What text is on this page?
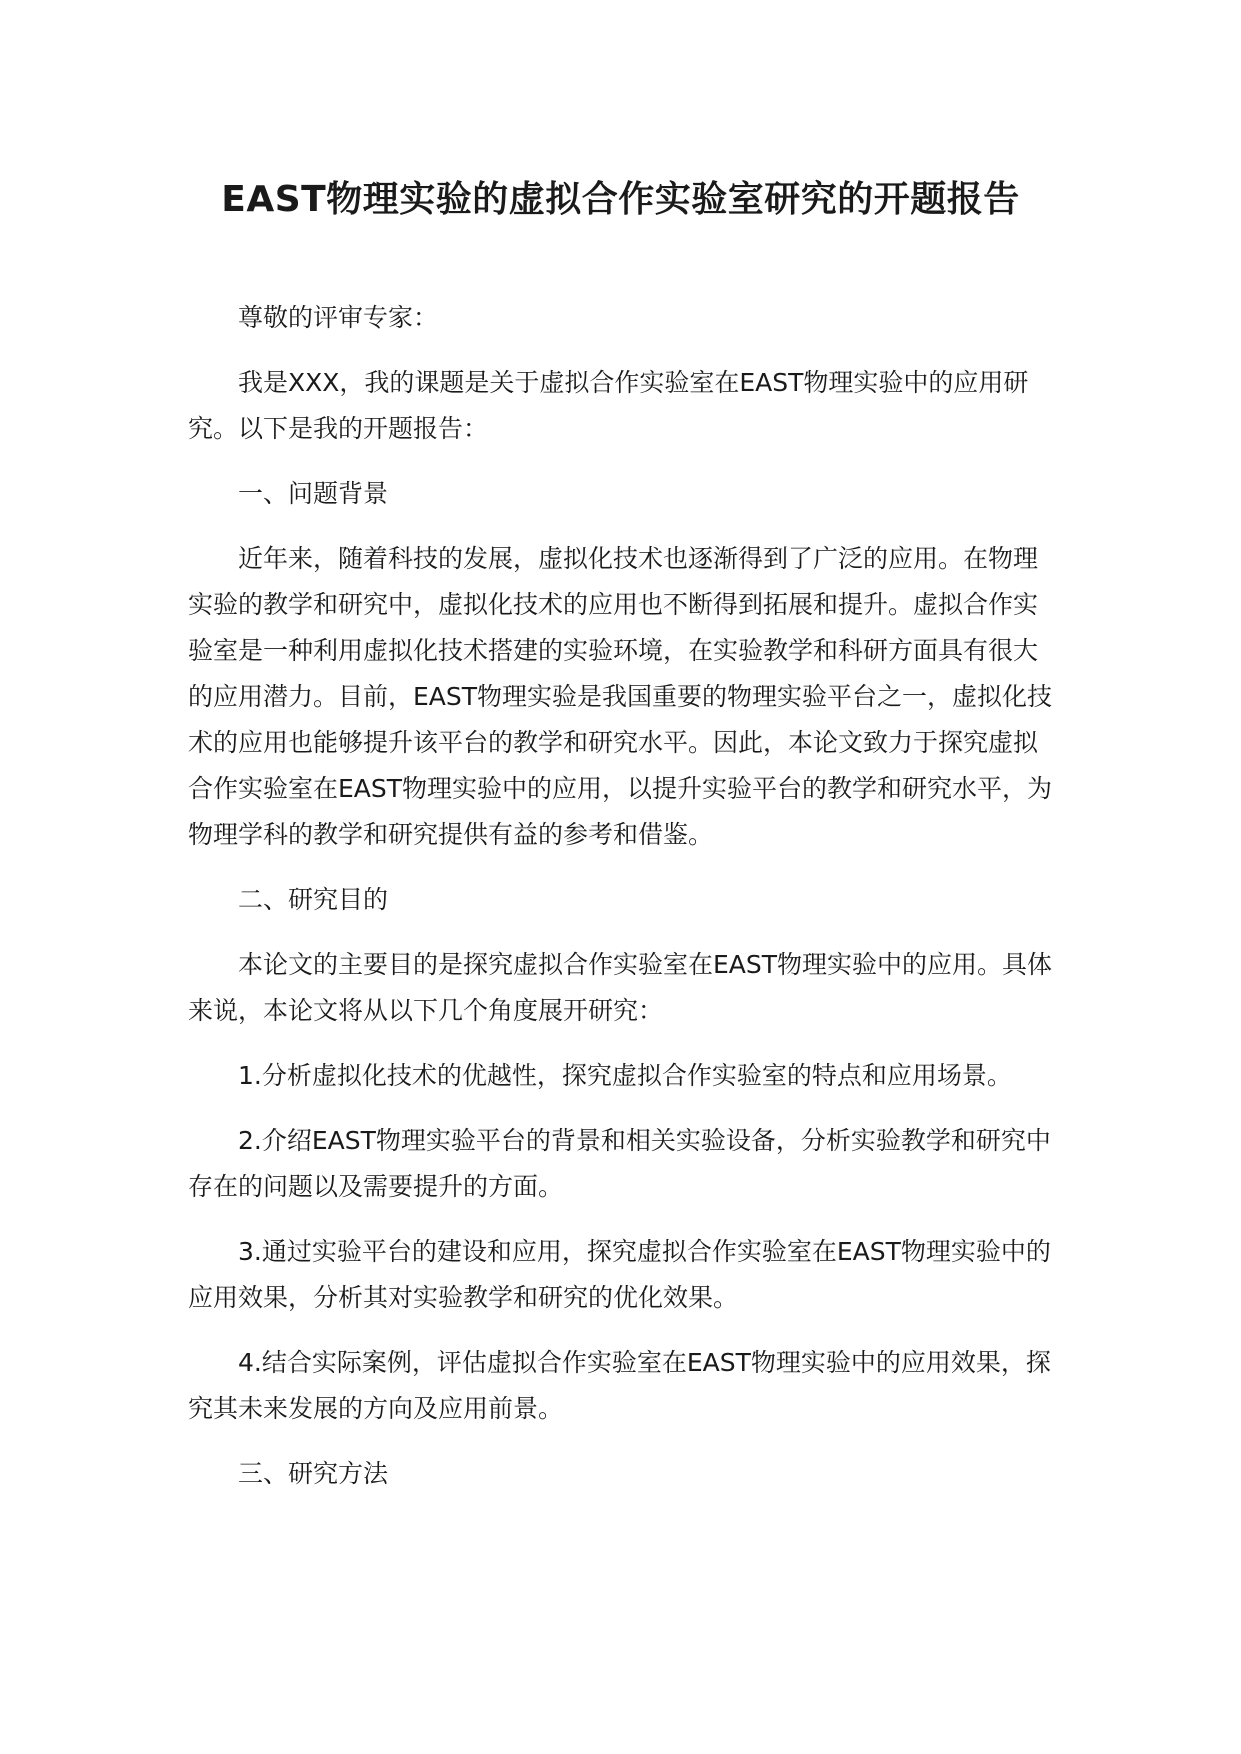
EAST物理实验的虚拟合作实验室研究的开题报告

尊敬的评审专家：

我是XXX，我的课题是关于虚拟合作实验室在EAST物理实验中的应用研究。以下是我的开题报告：

一、问题背景

近年来，随着科技的发展，虚拟化技术也逐渐得到了广泛的应用。在物理实验的教学和研究中，虚拟化技术的应用也不断得到拓展和提升。虚拟合作实验室是一种利用虚拟化技术搭建的实验环境，在实验教学和科研方面具有很大的应用潜力。目前，EAST物理实验是我国重要的物理实验平台之一，虚拟化技术的应用也能够提升该平台的教学和研究水平。因此，本论文致力于探究虚拟合作实验室在EAST物理实验中的应用，以提升实验平台的教学和研究水平，为物理学科的教学和研究提供有益的参考和借鉴。

二、研究目的

本论文的主要目的是探究虚拟合作实验室在EAST物理实验中的应用。具体来说，本论文将从以下几个角度展开研究：

1.分析虚拟化技术的优越性，探究虚拟合作实验室的特点和应用场景。

2.介绍EAST物理实验平台的背景和相关实验设备，分析实验教学和研究中存在的问题以及需要提升的方面。

3.通过实验平台的建设和应用，探究虚拟合作实验室在EAST物理实验中的应用效果，分析其对实验教学和研究的优化效果。

4.结合实际案例，评估虚拟合作实验室在EAST物理实验中的应用效果，探究其未来发展的方向及应用前景。

三、研究方法
